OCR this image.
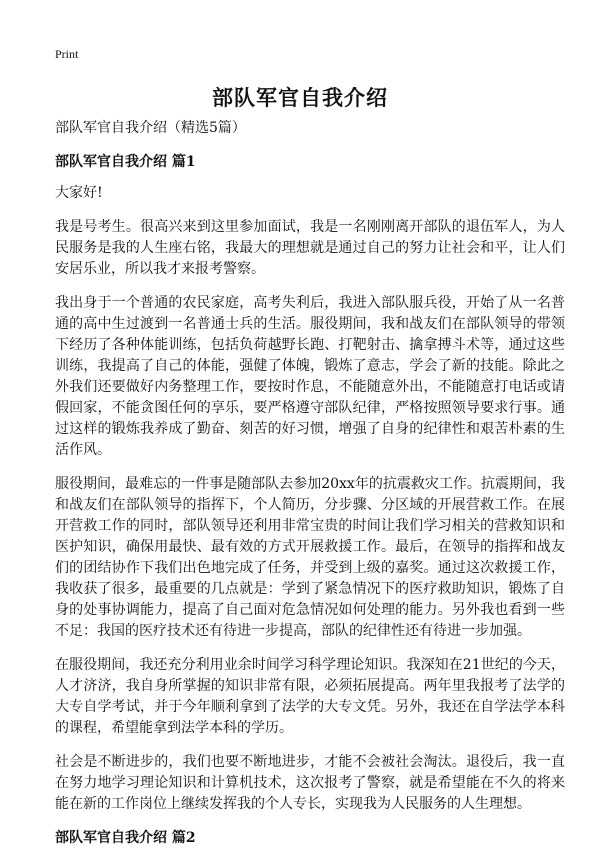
Print
部队军官自我介绍

部队军官自我介绍（精选5篇）

部队军官自我介绍 篇1

大家好!

我是号考生。很高兴来到这里参加面试，我是一名刚刚离开部队的退伍军人，为人民服务是我的人生座右铭，我最大的理想就是通过自己的努力让社会和平，让人们安居乐业，所以我才来报考警察。

我出身于一个普通的农民家庭，高考失利后，我进入部队服兵役，开始了从一名普通的高中生过渡到一名普通士兵的生活。服役期间，我和战友们在部队领导的带领下经历了各种体能训练，包括负荷越野长跑、打靶射击、擒拿搏斗术等，通过这些训练，我提高了自己的体能，强健了体魄，锻炼了意志，学会了新的技能。除此之外我们还要做好内务整理工作，要按时作息，不能随意外出，不能随意打电话或请假回家，不能贪图任何的享乐，要严格遵守部队纪律，严格按照领导要求行事。通过这样的锻炼我养成了勤奋、刻苦的好习惯，增强了自身的纪律性和艰苦朴素的生活作风。

服役期间，最难忘的一件事是随部队去参加20xx年的抗震救灾工作。抗震期间，我和战友们在部队领导的指挥下，个人简历，分步骤、分区域的开展营救工作。在展开营救工作的同时，部队领导还利用非常宝贵的时间让我们学习相关的营救知识和医护知识，确保用最快、最有效的方式开展救援工作。最后，在领导的指挥和战友们的团结协作下我们出色地完成了任务，并受到上级的嘉奖。通过这次救援工作，我收获了很多，最重要的几点就是：学到了紧急情况下的医疗救助知识，锻炼了自身的处事协调能力，提高了自己面对危急情况如何处理的能力。另外我也看到一些不足：我国的医疗技术还有待进一步提高，部队的纪律性还有待进一步加强。

在服役期间，我还充分利用业余时间学习科学理论知识。我深知在21世纪的今天，人才济济，我自身所掌握的知识非常有限，必须拓展提高。两年里我报考了法学的大专自学考试，并于今年顺利拿到了法学的大专文凭。另外，我还在自学法学本科的课程，希望能拿到法学本科的学历。

社会是不断进步的，我们也要不断地进步，才能不会被社会淘汰。退役后，我一直在努力地学习理论知识和计算机技术，这次报考了警察，就是希望能在不久的将来能在新的工作岗位上继续发挥我的个人专长，实现我为人民服务的人生理想。

部队军官自我介绍 篇2
